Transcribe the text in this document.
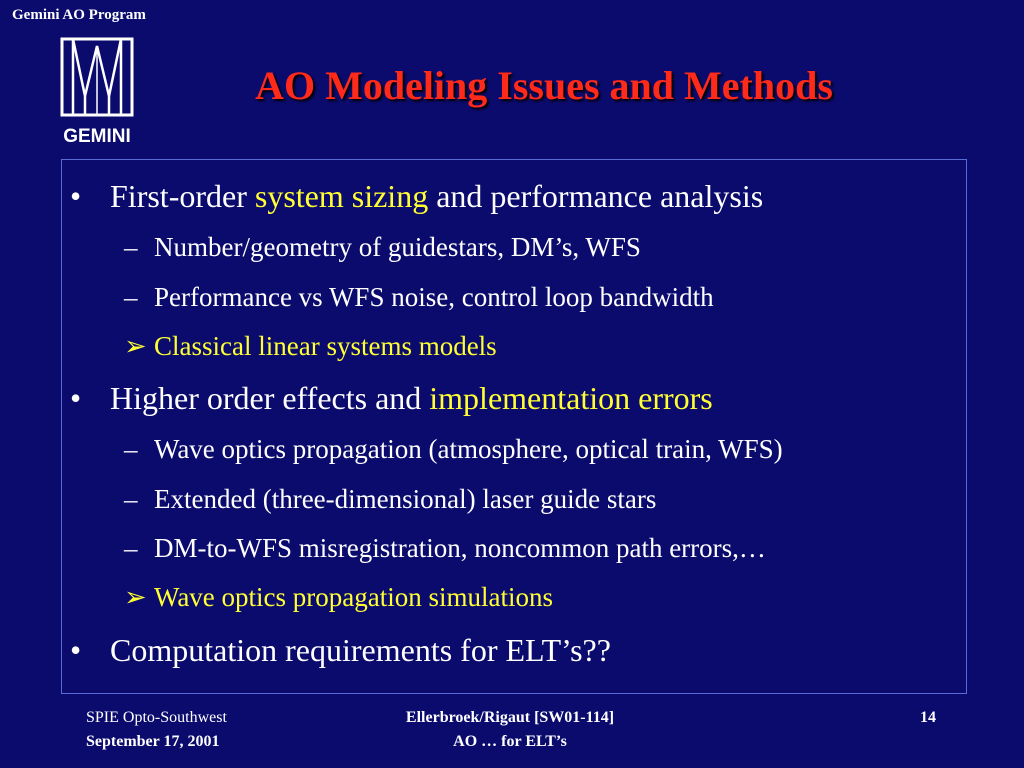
Gemini AO Program
GEMINI
AO Modeling Issues and Methods
• First-order system sizing and performance analysis
– Number/geometry of guidestars, DM’s, WFS
– Performance vs WFS noise, control loop bandwidth
➢ Classical linear systems models
• Higher order effects and implementation errors
– Wave optics propagation (atmosphere, optical train, WFS)
– Extended (three-dimensional) laser guide stars
– DM-to-WFS misregistration, noncommon path errors,…
➢ Wave optics propagation simulations
• Computation requirements for ELT’s??
SPIE Opto-Southwest
September 17, 2001
Ellerbroek/Rigaut [SW01-114]
AO … for ELT’s
14
